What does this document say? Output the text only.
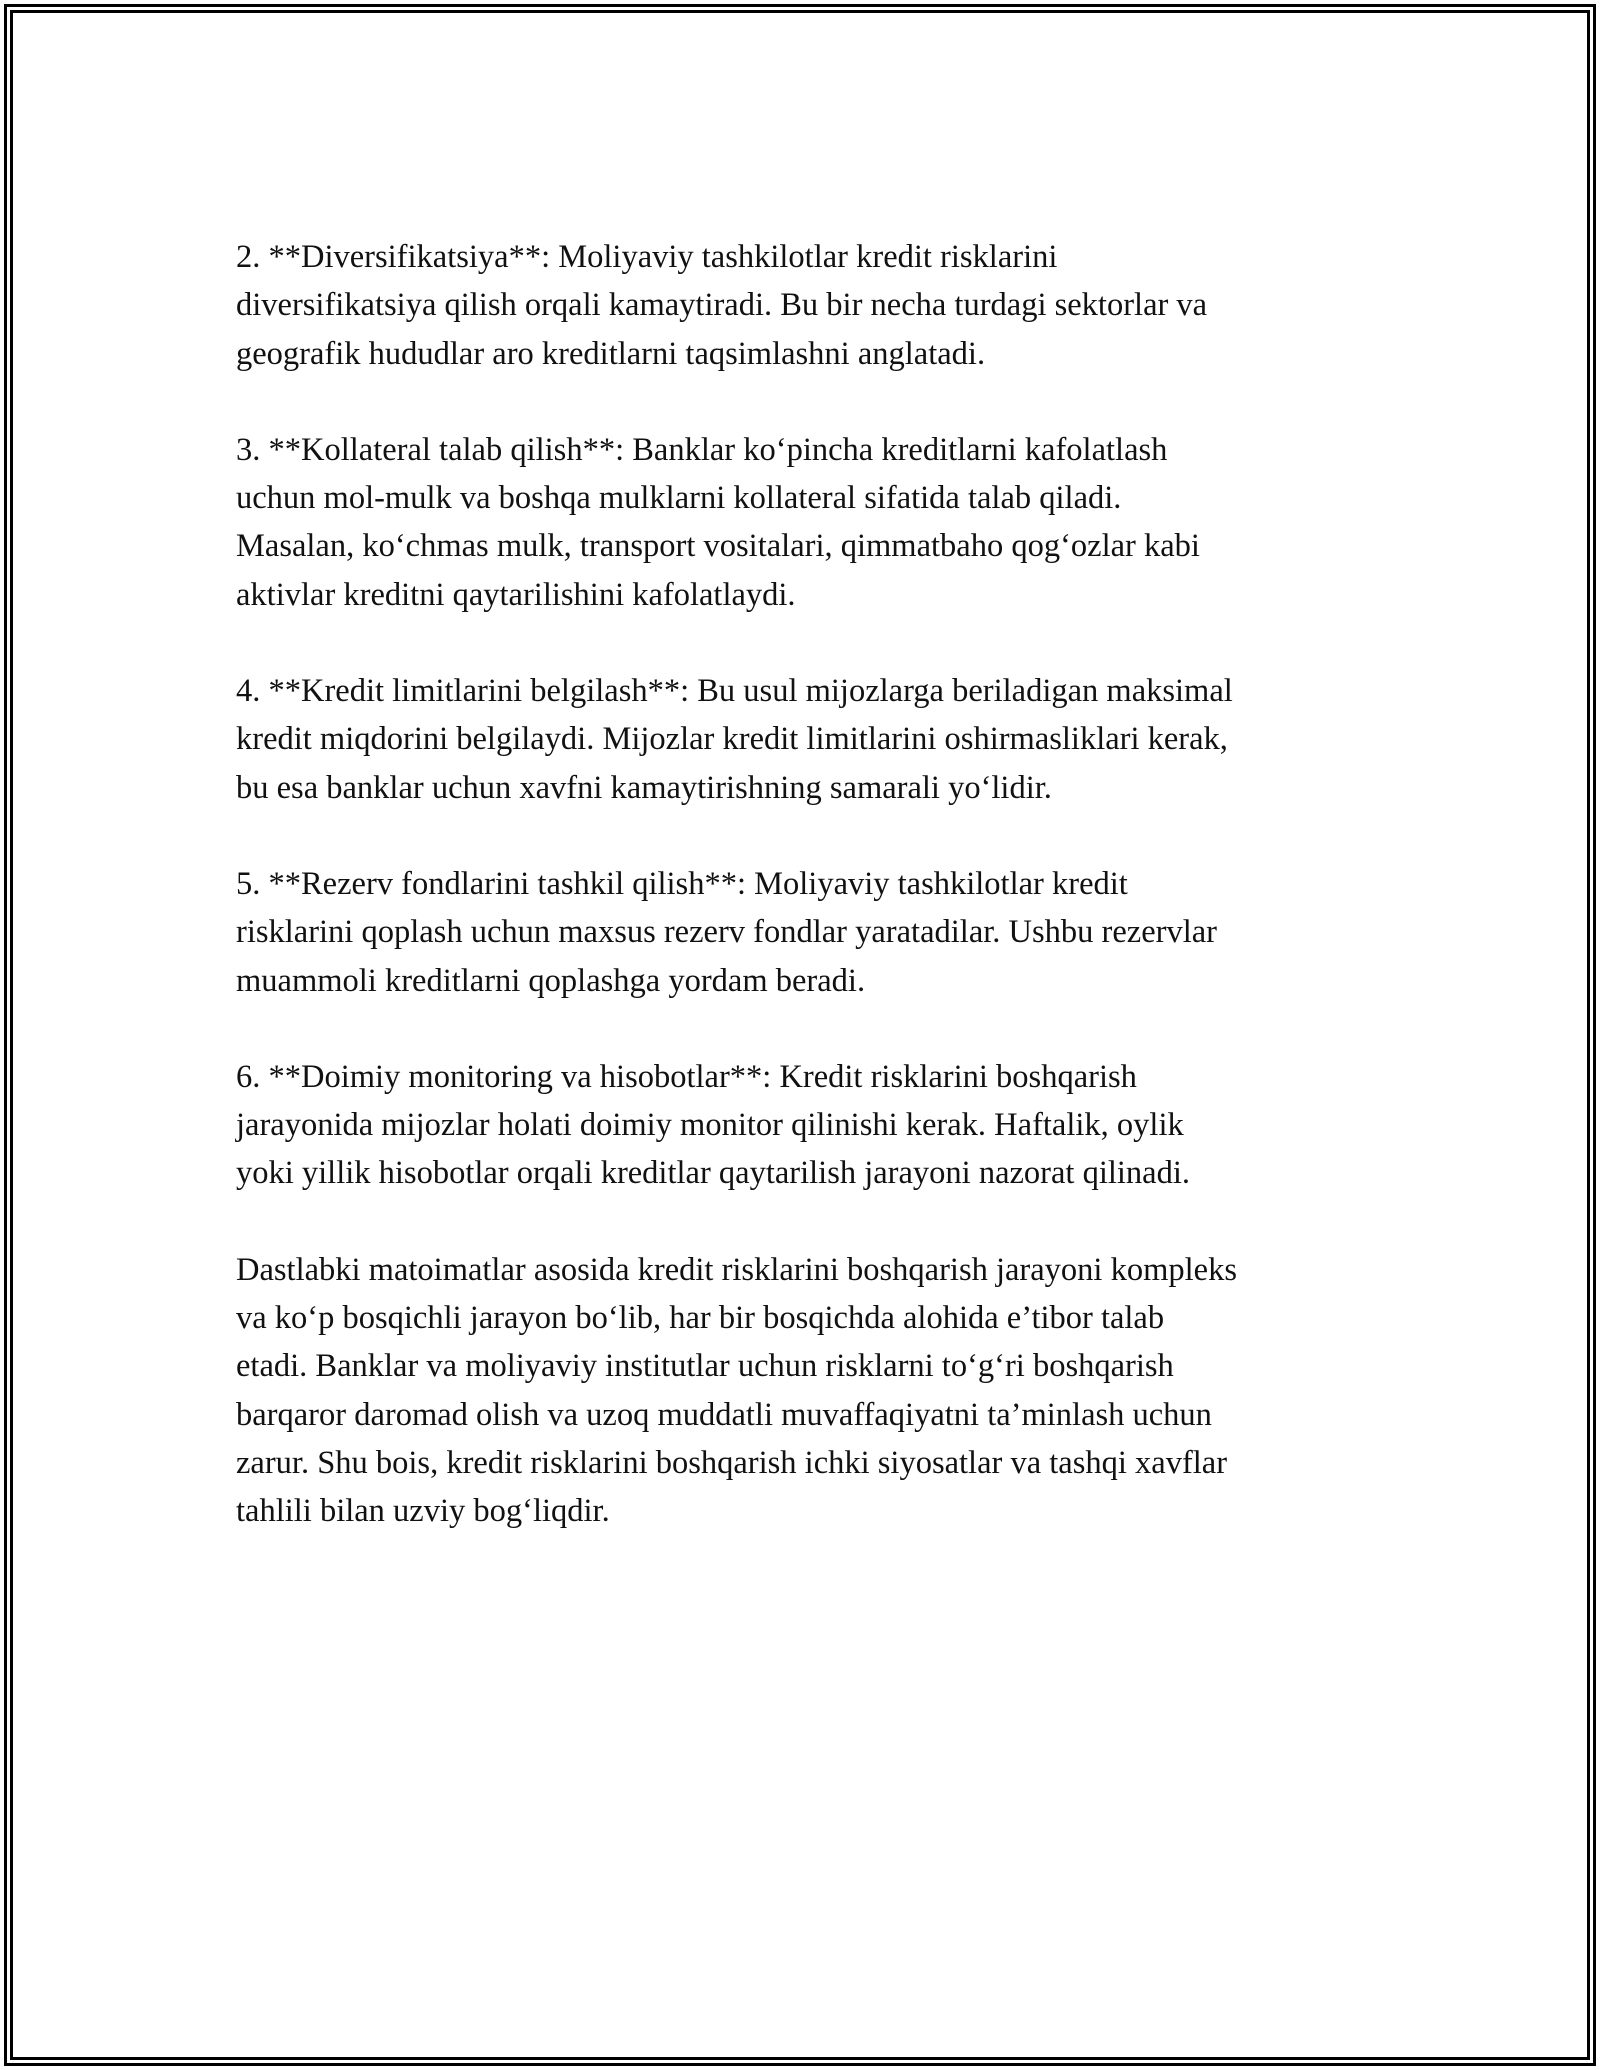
2. **Diversifikatsiya**: Moliyaviy tashkilotlar kredit risklarini
diversifikatsiya qilish orqali kamaytiradi. Bu bir necha turdagi sektorlar va
geografik hududlar aro kreditlarni taqsimlashni anglatadi.

3. **Kollateral talab qilish**: Banklar ko‘pincha kreditlarni kafolatlash
uchun mol-mulk va boshqa mulklarni kollateral sifatida talab qiladi.
Masalan, ko‘chmas mulk, transport vositalari, qimmatbaho qog‘ozlar kabi
aktivlar kreditni qaytarilishini kafolatlaydi.

4. **Kredit limitlarini belgilash**: Bu usul mijozlarga beriladigan maksimal
kredit miqdorini belgilaydi. Mijozlar kredit limitlarini oshirmasliklari kerak,
bu esa banklar uchun xavfni kamaytirishning samarali yo‘lidir.

5. **Rezerv fondlarini tashkil qilish**: Moliyaviy tashkilotlar kredit
risklarini qoplash uchun maxsus rezerv fondlar yaratadilar. Ushbu rezervlar
muammoli kreditlarni qoplashga yordam beradi.

6. **Doimiy monitoring va hisobotlar**: Kredit risklarini boshqarish
jarayonida mijozlar holati doimiy monitor qilinishi kerak. Haftalik, oylik
yoki yillik hisobotlar orqali kreditlar qaytarilish jarayoni nazorat qilinadi.

Dastlabki matoimatlar asosida kredit risklarini boshqarish jarayoni kompleks
va ko‘p bosqichli jarayon bo‘lib, har bir bosqichda alohida e’tibor talab
etadi. Banklar va moliyaviy institutlar uchun risklarni to‘g‘ri boshqarish
barqaror daromad olish va uzoq muddatli muvaffaqiyatni ta’minlash uchun
zarur. Shu bois, kredit risklarini boshqarish ichki siyosatlar va tashqi xavflar
tahlili bilan uzviy bog‘liqdir.
